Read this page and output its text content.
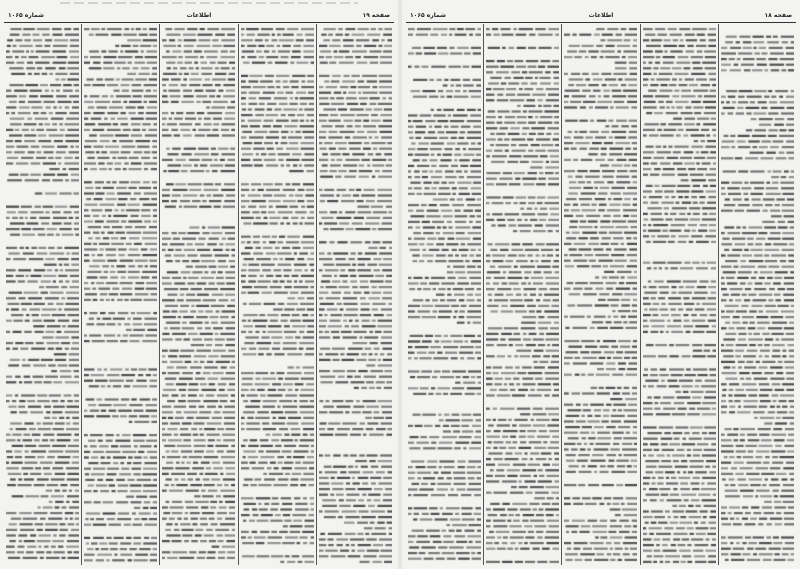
صفحه ۱۹
اطلاعات
شماره ۱۰۶۵	صفحه ۱۸
اطلاعات
شماره ۱۰۶۵
